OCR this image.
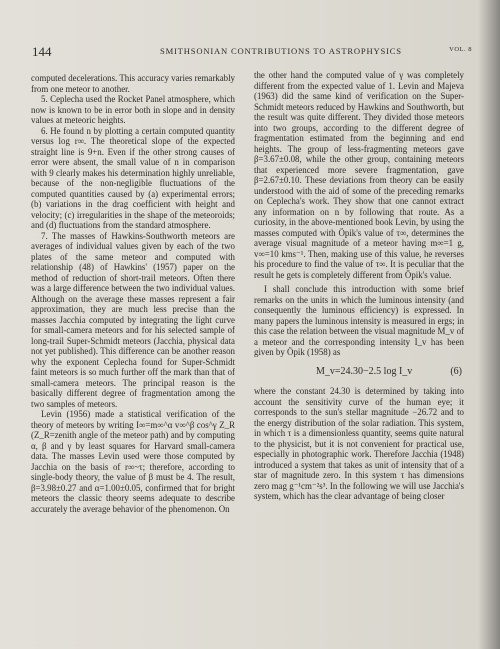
144	SMITHSONIAN CONTRIBUTIONS TO ASTROPHYSICS	VOL. 8

computed decelerations. This accuracy varies remarkably from one meteor to another.

5. Ceplecha used the Rocket Panel atmosphere, which now is known to be in error both in slope and in density values at meteoric heights.

6. He found n by plotting a certain computed quantity versus log r∞. The theoretical slope of the expected straight line is 9+n. Even if the other strong causes of error were absent, the small value of n in comparison with 9 clearly makes his determination highly unreliable, because of the non-negligible fluctuations of the computed quantities caused by (a) experimental errors; (b) variations in the drag coefficient with height and velocity; (c) irregularities in the shape of the meteoroids; and (d) fluctuations from the standard atmosphere.

7. The masses of Hawkins-Southworth meteors are averages of individual values given by each of the two plates of the same meteor and computed with relationship (48) of Hawkins' (1957) paper on the method of reduction of short-trail meteors. Often there was a large difference between the two individual values. Although on the average these masses represent a fair approximation, they are much less precise than the masses Jacchia computed by integrating the light curve for small-camera meteors and for his selected sample of long-trail Super-Schmidt meteors (Jacchia, physical data not yet published). This difference can be another reason why the exponent Ceplecha found for Super-Schmidt faint meteors is so much further off the mark than that of small-camera meteors. The principal reason is the basically different degree of fragmentation among the two samples of meteors.

Levin (1956) made a statistical verification of the theory of meteors by writing I∞=m∞^α v∞^β cos^γ Z_R (Z_R=zenith angle of the meteor path) and by computing α, β and γ by least squares for Harvard small-camera data. The masses Levin used were those computed by Jacchia on the basis of r∞~τ; therefore, according to single-body theory, the value of β must be 4. The result, β=3.98±0.27 and α=1.00±0.05, confirmed that for bright meteors the classic theory seems adequate to describe accurately the average behavior of the phenomenon. On

the other hand the computed value of γ was completely different from the expected value of 1. Levin and Majeva (1963) did the same kind of verification on the Super-Schmidt meteors reduced by Hawkins and Southworth, but the result was quite different. They divided those meteors into two groups, according to the different degree of fragmentation estimated from the beginning and end heights. The group of less-fragmenting meteors gave β=3.67±0.08, while the other group, containing meteors that experienced more severe fragmentation, gave β=2.67±0.10. These deviations from theory can be easily understood with the aid of some of the preceding remarks on Ceplecha's work. They show that one cannot extract any information on n by following that route. As a curiosity, in the above-mentioned book Levin, by using the masses computed with Öpik's value of τ∞, determines the average visual magnitude of a meteor having m∞=1 g, v∞=10 kms⁻¹. Then, making use of this value, he reverses his procedure to find the value of τ∞. It is peculiar that the result he gets is completely different from Öpik's value.

I shall conclude this introduction with some brief remarks on the units in which the luminous intensity (and consequently the luminous efficiency) is expressed. In many papers the luminous intensity is measured in ergs; in this case the relation between the visual magnitude M_v of a meteor and the corresponding intensity I_v has been given by Öpik (1958) as

M_v=24.30−2.5 log I_v	(6)

where the constant 24.30 is determined by taking into account the sensitivity curve of the human eye; it corresponds to the sun's stellar magnitude −26.72 and to the energy distribution of the solar radiation. This system, in which τ is a dimensionless quantity, seems quite natural to the physicist, but it is not convenient for practical use, especially in photographic work. Therefore Jacchia (1948) introduced a system that takes as unit of intensity that of a star of magnitude zero. In this system τ has dimensions zero mag g⁻¹cm⁻²s³. In the following we will use Jacchia's system, which has the clear advantage of being closer
